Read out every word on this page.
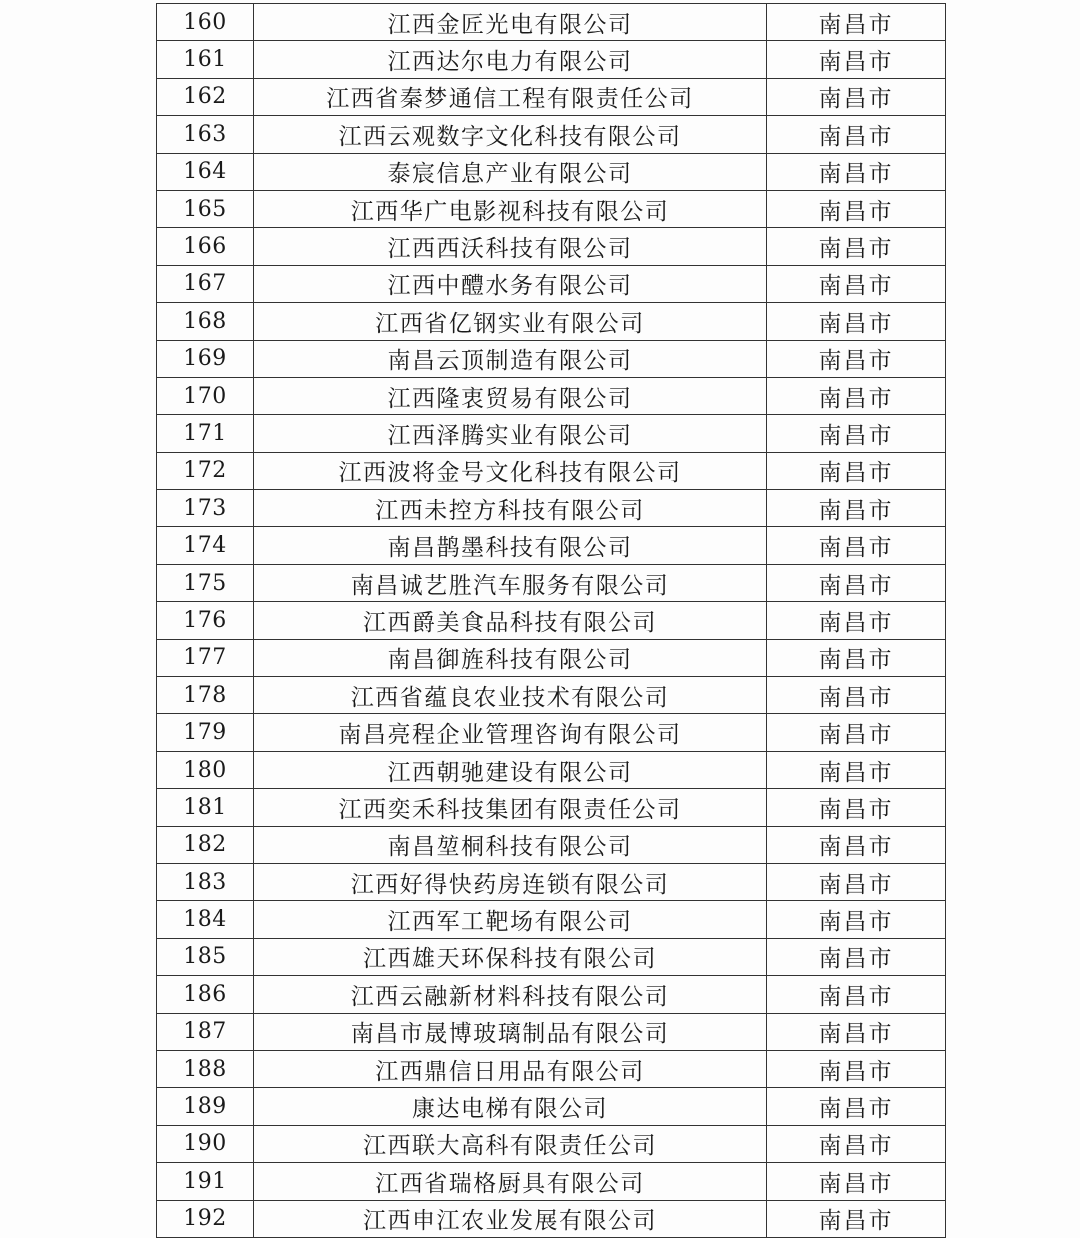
160	江西金匠光电有限公司	南昌市
161	江西达尔电力有限公司	南昌市
162	江西省秦梦通信工程有限责任公司	南昌市
163	江西云观数字文化科技有限公司	南昌市
164	泰宸信息产业有限公司	南昌市
165	江西华广电影视科技有限公司	南昌市
166	江西西沃科技有限公司	南昌市
167	江西中醴水务有限公司	南昌市
168	江西省亿钢实业有限公司	南昌市
169	南昌云顶制造有限公司	南昌市
170	江西隆衷贸易有限公司	南昌市
171	江西泽腾实业有限公司	南昌市
172	江西波将金号文化科技有限公司	南昌市
173	江西未控方科技有限公司	南昌市
174	南昌鹊墨科技有限公司	南昌市
175	南昌诚艺胜汽车服务有限公司	南昌市
176	江西爵美食品科技有限公司	南昌市
177	南昌御旌科技有限公司	南昌市
178	江西省蕴良农业技术有限公司	南昌市
179	南昌亮程企业管理咨询有限公司	南昌市
180	江西朝驰建设有限公司	南昌市
181	江西奕禾科技集团有限责任公司	南昌市
182	南昌堃桐科技有限公司	南昌市
183	江西好得快药房连锁有限公司	南昌市
184	江西军工靶场有限公司	南昌市
185	江西雄天环保科技有限公司	南昌市
186	江西云融新材料科技有限公司	南昌市
187	南昌市晟博玻璃制品有限公司	南昌市
188	江西鼎信日用品有限公司	南昌市
189	康达电梯有限公司	南昌市
190	江西联大高科有限责任公司	南昌市
191	江西省瑞格厨具有限公司	南昌市
192	江西申江农业发展有限公司	南昌市
